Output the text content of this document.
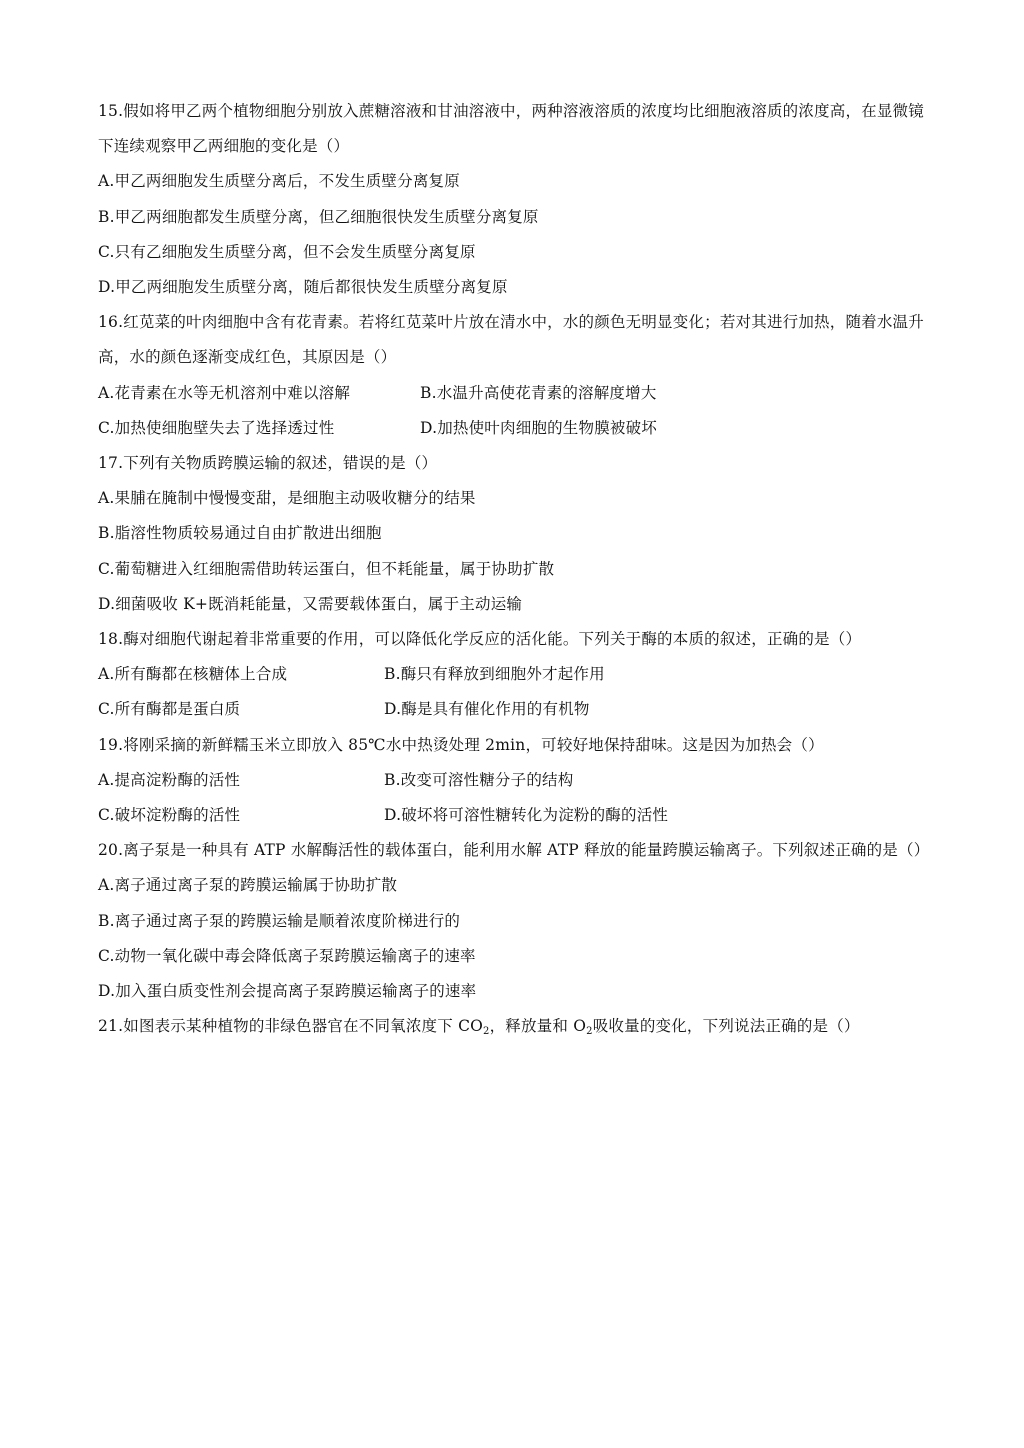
15.假如将甲乙两个植物细胞分别放入蔗糖溶液和甘油溶液中，两种溶液溶质的浓度均比细胞液溶质的浓度高，在显微镜下连续观察甲乙两细胞的变化是（）

A.甲乙两细胞发生质壁分离后，不发生质壁分离复原

B.甲乙两细胞都发生质壁分离，但乙细胞很快发生质壁分离复原

C.只有乙细胞发生质壁分离，但不会发生质壁分离复原

D.甲乙两细胞发生质壁分离，随后都很快发生质壁分离复原

16.红苋菜的叶肉细胞中含有花青素。若将红苋菜叶片放在清水中，水的颜色无明显变化；若对其进行加热，随着水温升高，水的颜色逐渐变成红色，其原因是（）

A.花青素在水等无机溶剂中难以溶解	B.水温升高使花青素的溶解度增大
C.加热使细胞壁失去了选择透过性	D.加热使叶肉细胞的生物膜被破坏

17.下列有关物质跨膜运输的叙述，错误的是（）

A.果脯在腌制中慢慢变甜，是细胞主动吸收糖分的结果

B.脂溶性物质较易通过自由扩散进出细胞

C.葡萄糖进入红细胞需借助转运蛋白，但不耗能量，属于协助扩散

D.细菌吸收 K+既消耗能量，又需要载体蛋白，属于主动运输

18.酶对细胞代谢起着非常重要的作用，可以降低化学反应的活化能。下列关于酶的本质的叙述，正确的是（）

A.所有酶都在核糖体上合成	B.酶只有释放到细胞外才起作用
C.所有酶都是蛋白质	D.酶是具有催化作用的有机物

19.将刚采摘的新鲜糯玉米立即放入 85℃水中热烫处理 2min，可较好地保持甜味。这是因为加热会（）

A.提高淀粉酶的活性	B.改变可溶性糖分子的结构
C.破坏淀粉酶的活性	D.破坏将可溶性糖转化为淀粉的酶的活性

20.离子泵是一种具有 ATP 水解酶活性的载体蛋白，能利用水解 ATP 释放的能量跨膜运输离子。下列叙述正确的是（）

A.离子通过离子泵的跨膜运输属于协助扩散

B.离子通过离子泵的跨膜运输是顺着浓度阶梯进行的

C.动物一氧化碳中毒会降低离子泵跨膜运输离子的速率

D.加入蛋白质变性剂会提高离子泵跨膜运输离子的速率

21.如图表示某种植物的非绿色器官在不同氧浓度下 $CO_2$，释放量和 $O_2$吸收量的变化，下列说法正确的是（）
